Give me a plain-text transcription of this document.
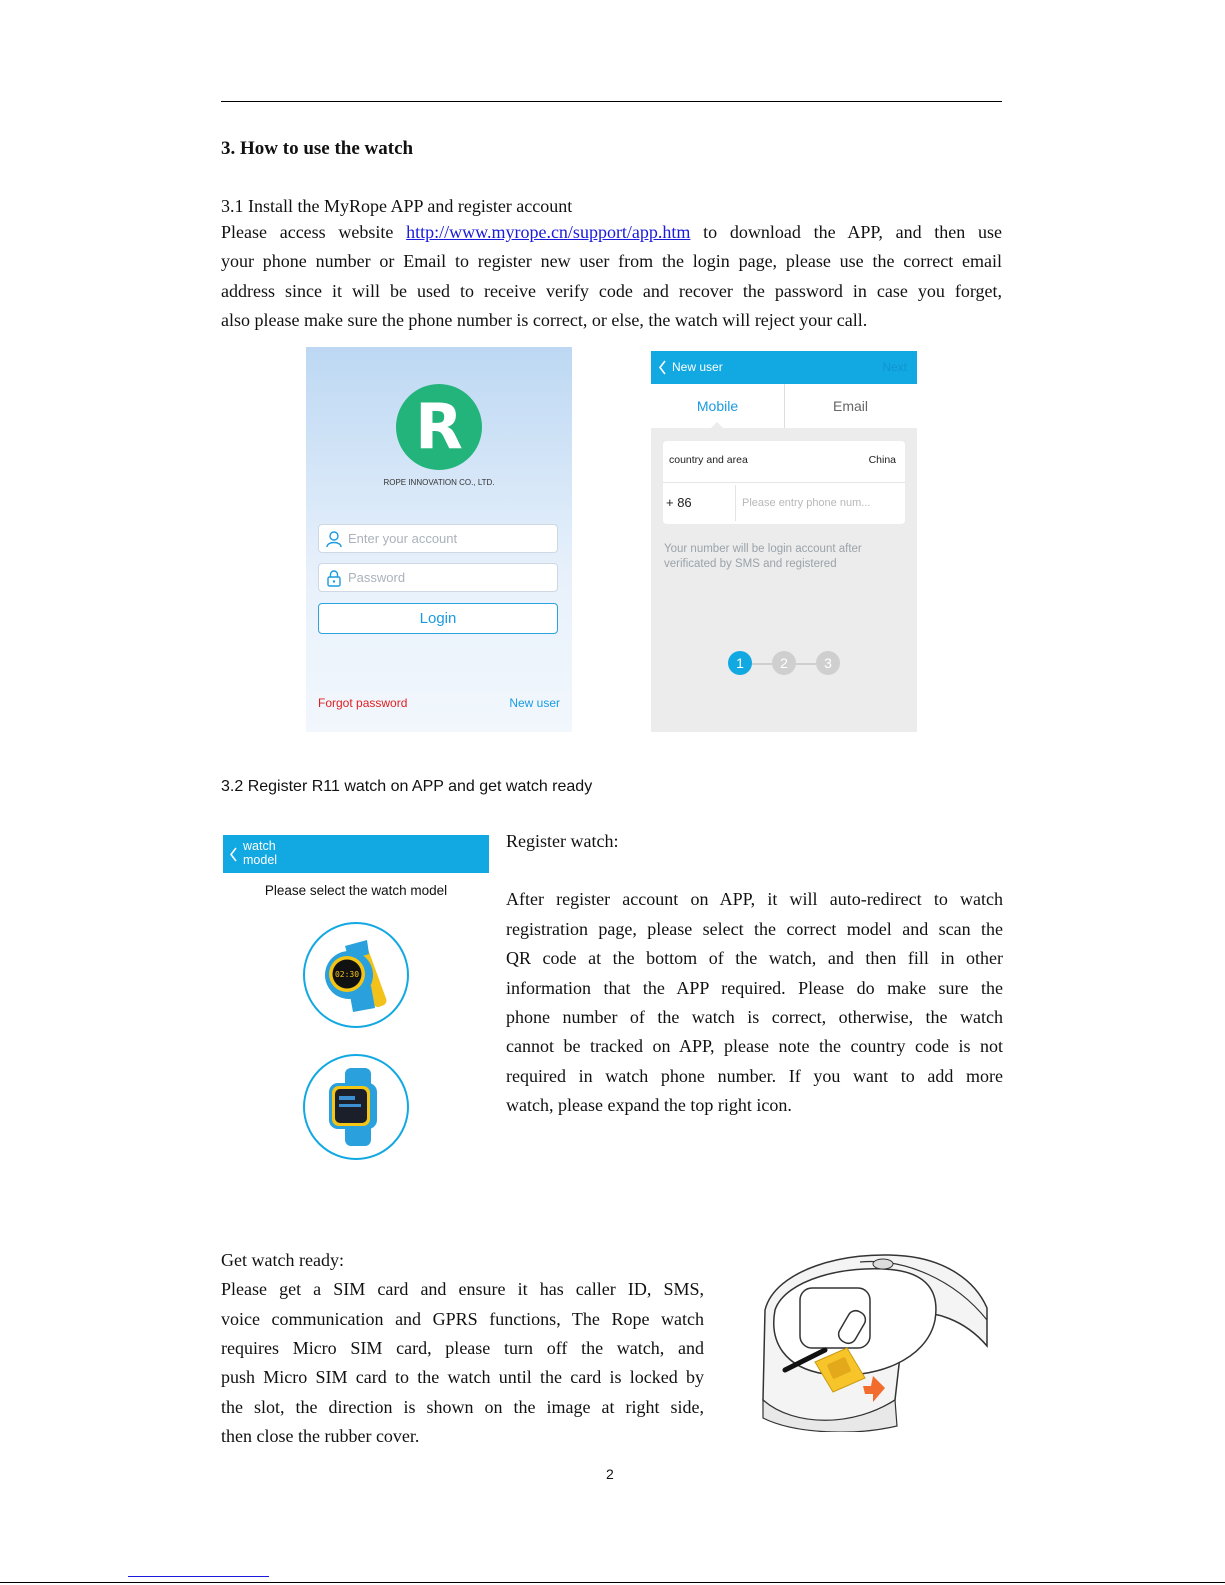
3. How to use the watch
3.1 Install the MyRope APP and register account
Please access website http://www.myrope.cn/support/app.htm to download the APP, and then use
your phone number or Email to register new user from the login page, please use the correct email
address since it will be used to receive verify code and recover the password in case you forget,
also please make sure the phone number is correct, or else, the watch will reject your call.
R
ROPE INNOVATION CO., LTD.
Enter your account
Password
Login
Forgot password	New user
New user	Next
Mobile	Email
country and area	China
+ 86	Please entry phone num...
Your number will be login account after verificated by SMS and registered
1	2	3
3.2 Register R11 watch on APP and get watch ready
watch model
Please select the watch model
02:30
Register watch:
After register account on APP, it will auto-redirect to watch
registration page, please select the correct model and scan the
QR code at the bottom of the watch, and then fill in other
information that the APP required. Please do make sure the
phone number of the watch is correct, otherwise, the watch
cannot be tracked on APP, please note the country code is not
required in watch phone number. If you want to add more
watch, please expand the top right icon.
Get watch ready:
Please get a SIM card and ensure it has caller ID, SMS,
voice communication and GPRS functions, The Rope watch
requires Micro SIM card, please turn off the watch, and
push Micro SIM card to the watch until the card is locked by
the slot, the direction is shown on the image at right side,
then close the rubber cover.
2
